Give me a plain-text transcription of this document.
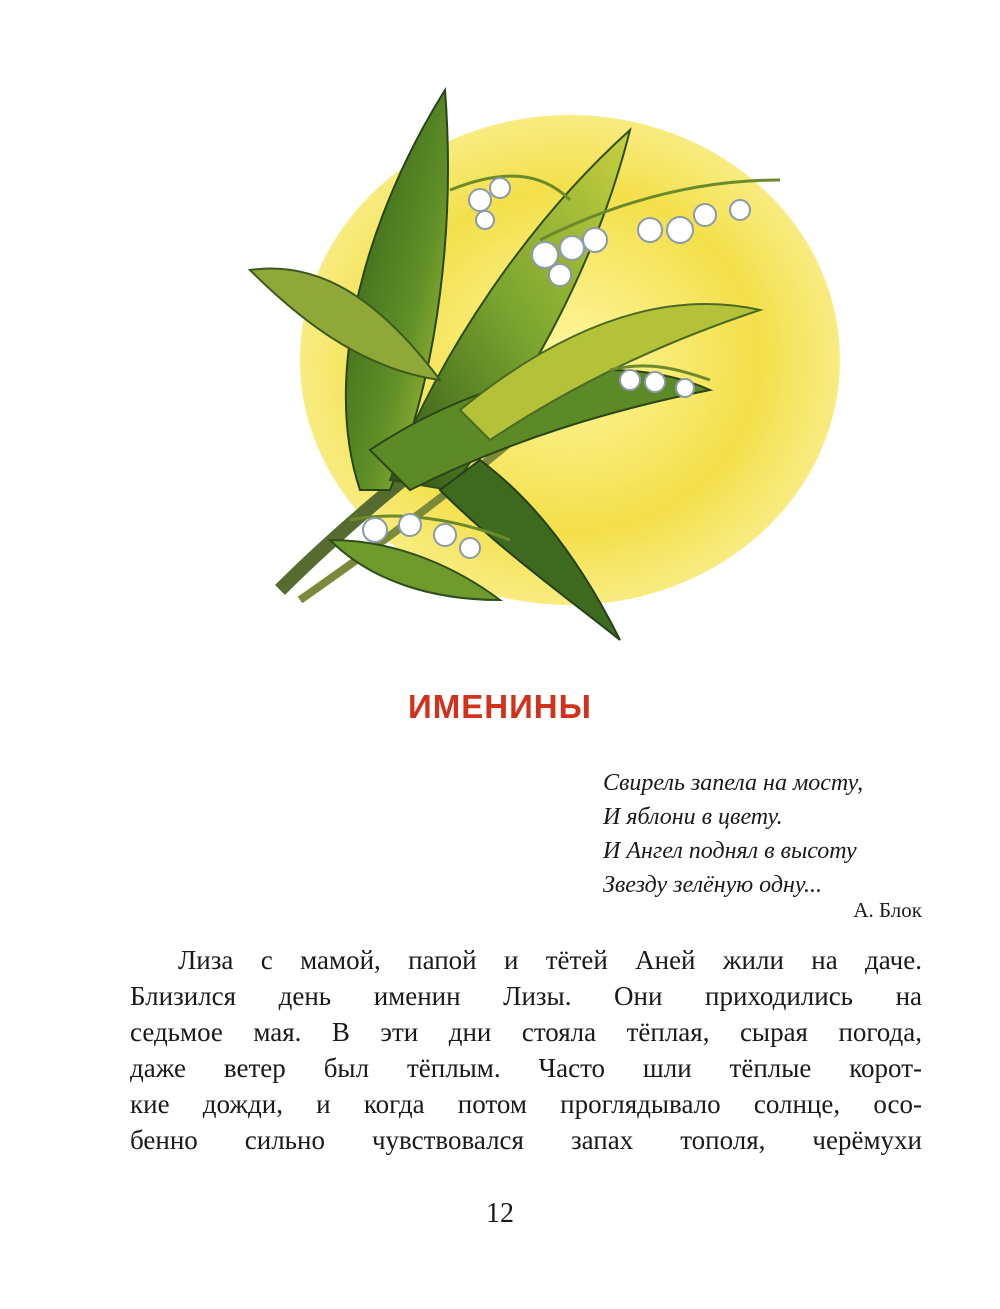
ИМЕНИНЫ
Свирель запела на мосту,
И яблони в цвету.
И Ангел поднял в высоту
Звезду зелёную одну...
А. Блок
Лиза с мамой, папой и тётей Аней жили на даче.
Близился день именин Лизы. Они приходились на
седьмое мая. В эти дни стояла тёплая, сырая погода,
даже ветер был тёплым. Часто шли тёплые корот-
кие дожди, и когда потом проглядывало солнце, осо-
бенно сильно чувствовался запах тополя, черёмухи
12
